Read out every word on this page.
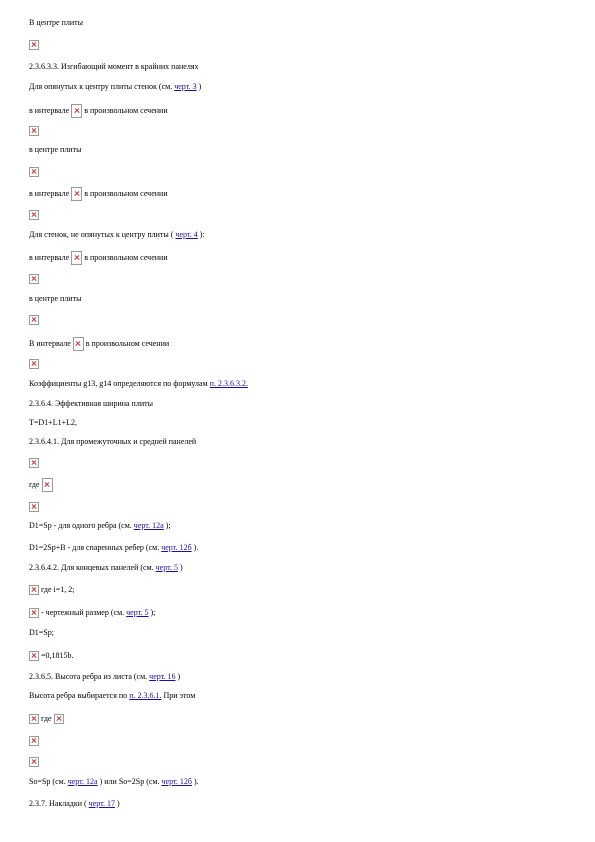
В центре плиты
2.3.6.3.3. Изгибающий момент в крайних панелях
Для опянутых к центру плиты стенок (см. черт. 3 )
в интервале в произвольном сечении
в центре плиты
в интервале в произвольном сечении
Для стенок, не опянутых к центру плиты ( черт. 4 ):
в интервале в произвольном сечении
в центре плиты
В интервале в произвольном сечении
Коэффициенты g13, g14 определяются по формулам п. 2.3.6.3.2.
2.3.6.4. Эффективная ширина плиты
T=D1+L1+L2,
2.3.6.4.1. Для промежуточных и средней панелей
где
D1=Sp - для одного ребра (см. черт. 12а );
D1=2Sp+B - для спаренных ребер (см. черт. 12б ).
2.3.6.4.2. Для концевых панелей (см. черт. 5 )
где i=1, 2;
- чертежный размер (см. черт. 5 );
D1=Sp;
=0,1815b.
2.3.6.5. Высота ребра из листа (см. черт. 16 )
Высота ребра выбирается по п. 2.3.6.1. При этом
где
So=Sp (см. черт. 12а ) или So=2Sp (см. черт. 12б ).
2.3.7. Накладки ( черт. 17 )
